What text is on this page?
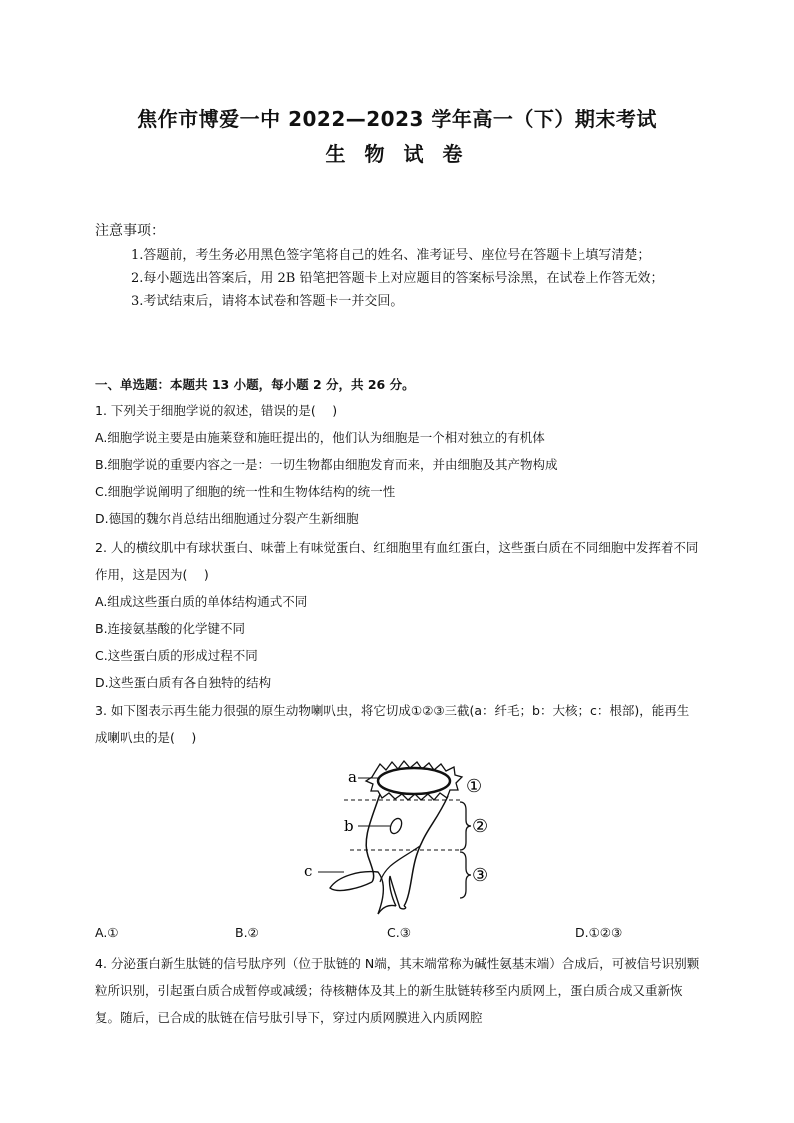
焦作市博爱一中 2022—2023 学年高一（下）期末考试
生 物 试 卷
注意事项：

1.答题前，考生务必用黑色签字笔将自己的姓名、准考证号、座位号在答题卡上填写清楚；

2.每小题选出答案后，用 2B 铅笔把答题卡上对应题目的答案标号涂黑，在试卷上作答无效；

3.考试结束后，请将本试卷和答题卡一并交回。

一、单选题：本题共 13 小题，每小题 2 分，共 26 分。

1. 下列关于细胞学说的叙述，错误的是(　 )

A.细胞学说主要是由施莱登和施旺提出的，他们认为细胞是一个相对独立的有机体

B.细胞学说的重要内容之一是：一切生物都由细胞发育而来，并由细胞及其产物构成

C.细胞学说阐明了细胞的统一性和生物体结构的统一性

D.德国的魏尔肖总结出细胞通过分裂产生新细胞

2. 人的横纹肌中有球状蛋白、味蕾上有味觉蛋白、红细胞里有血红蛋白，这些蛋白质在不同细胞中发挥着不同作用，这是因为(　 )

A.组成这些蛋白质的单体结构通式不同

B.连接氨基酸的化学键不同

C.这些蛋白质的形成过程不同

D.这些蛋白质有各自独特的结构

3. 如下图表示再生能力很强的原生动物喇叭虫，将它切成①②③三截(a：纤毛；b：大核；c：根部)，能再生成喇叭虫的是(　 )

a
b
c
①
②
③
A.①	B.②	C.③	D.①②③

4. 分泌蛋白新生肽链的信号肽序列（位于肽链的 N端，其末端常称为碱性氨基末端）合成后，可被信号识别颗粒所识别，引起蛋白质合成暂停或减缓；待核糖体及其上的新生肽链转移至内质网上，蛋白质合成又重新恢复。随后，已合成的肽链在信号肽引导下，穿过内质网膜进入内质网腔
